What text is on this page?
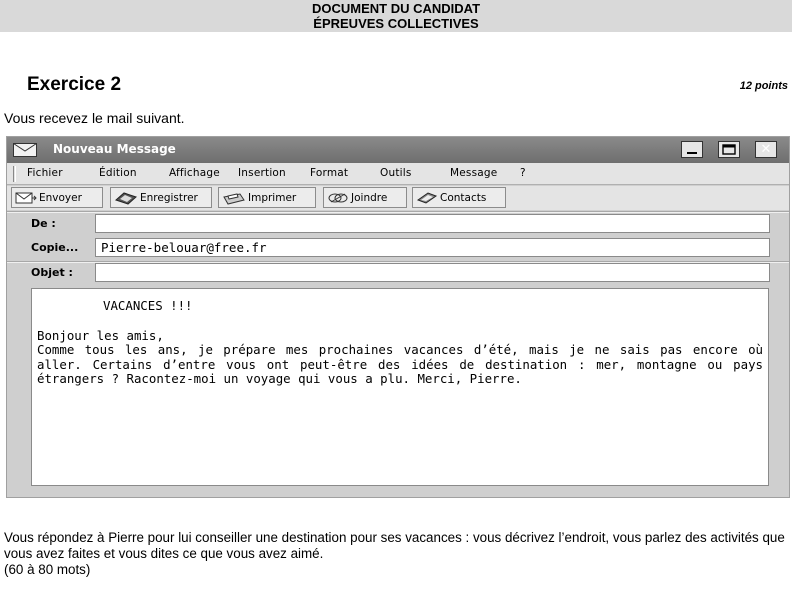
DOCUMENT DU CANDIDAT
ÉPREUVES COLLECTIVES
Exercice 2	12 points
Vous recevez le mail suivant.
Nouveau Message	✕
Fichier	Édition	Affichage Insertion Format	Outils	Message ?
Envoyer	Enregistrer	Imprimer	Joindre	Contacts
De :
Copie...	Pierre-belouar@free.fr
Objet :
VACANCES !!!
Bonjour les amis,
Comme tous les ans, je prépare mes prochaines vacances d’été, mais je ne sais pas encore où aller. Certains d’entre vous ont peut-être des idées de destination : mer, montagne ou pays étrangers ? Racontez-moi un voyage qui vous a plu. Merci, Pierre.
Vous répondez à Pierre pour lui conseiller une destination pour ses vacances : vous décrivez l’endroit, vous parlez des activités que vous avez faites et vous dites ce que vous avez aimé.
(60 à 80 mots)
